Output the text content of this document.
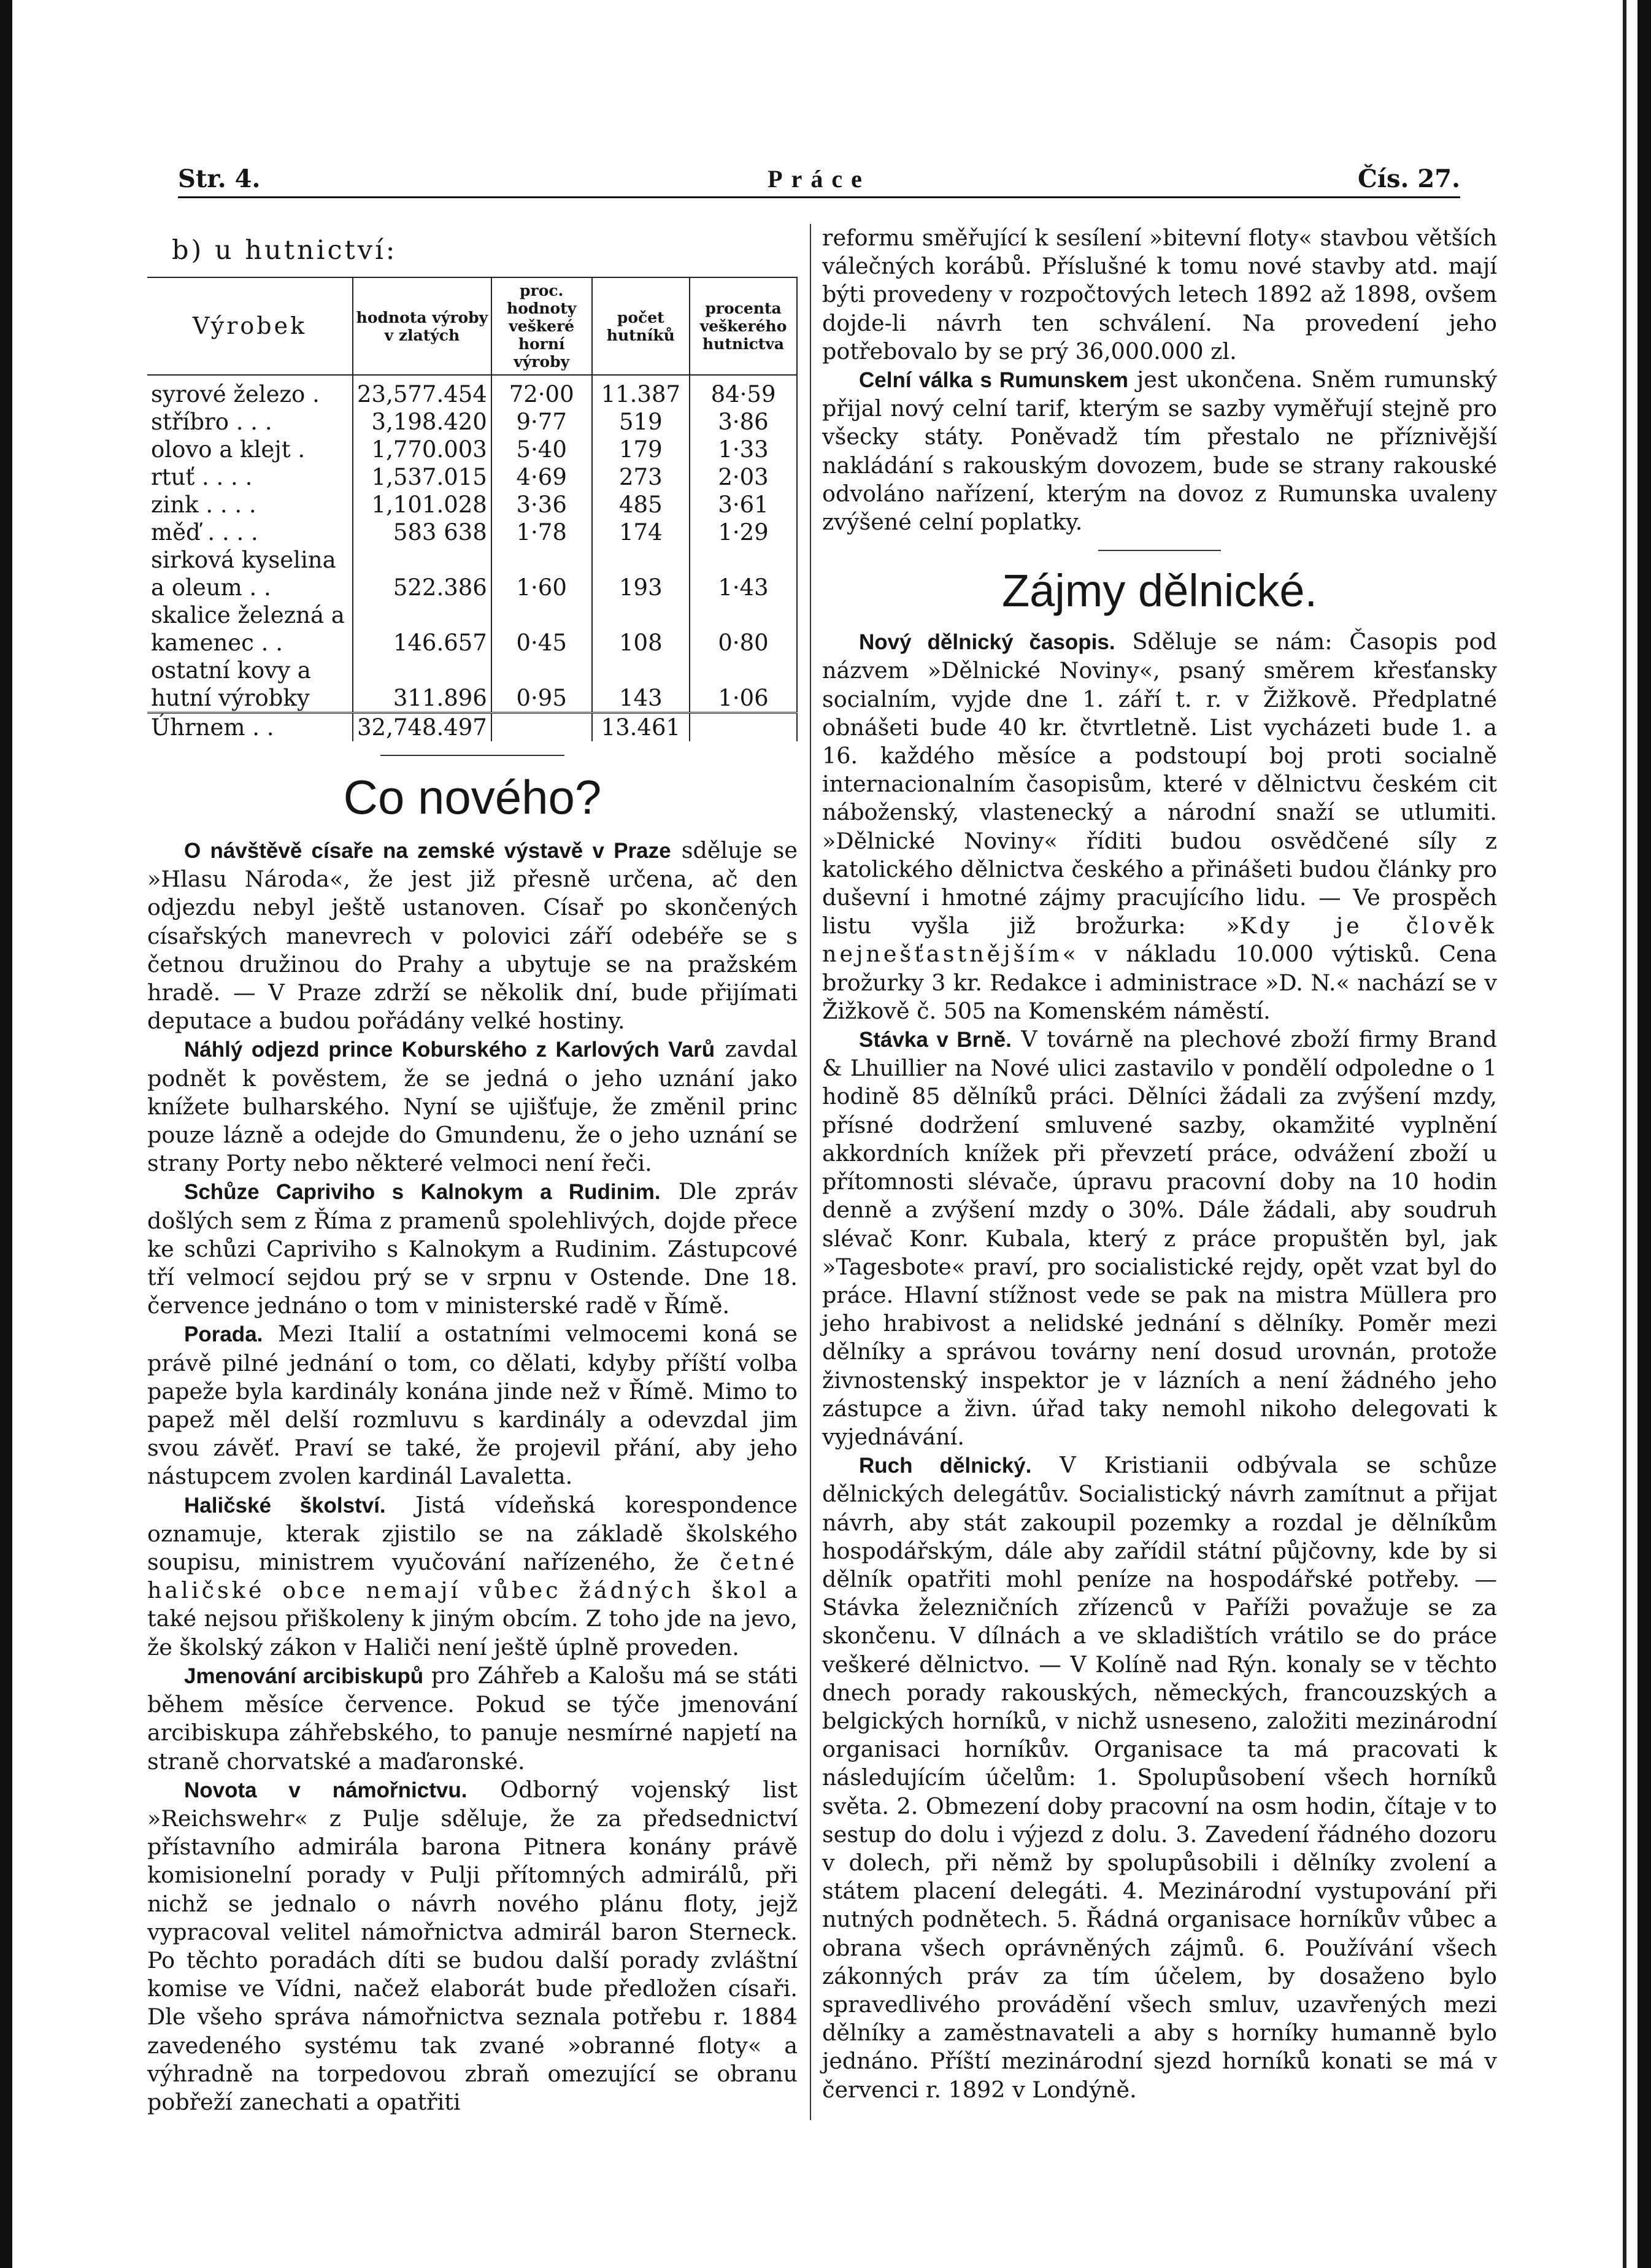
Práce
Str. 4.	Čís. 27.
b) u hutnictví:
Výrobek	hodnota výroby v zlatých	proc. hodnoty veškeré horní výroby	počet hutníků	procenta veškerého hutnictva
syrové železo .	23,577.454	72·00	11.387	84·59
stříbro . . .	3,198.420	9·77	519	3·86
olovo a klejt .	1,770.003	5·40	179	1·33
rtuť . . . .	1,537.015	4·69	273	2·03
zink . . . .	1,101.028	3·36	485	3·61
měď . . . .	583 638	1·78	174	1·29
sirková kyselina				
a oleum . .	522.386	1·60	193	1·43
skalice železná a				
kamenec . .	146.657	0·45	108	0·80
ostatní kovy a				
hutní výrobky	311.896	0·95	143	1·06
Úhrnem . .	32,748.497		13.461	
Co nového?

O návštěvě císaře na zemské výstavě v Praze sděluje se »Hlasu Národa«, že jest již přesně určena, ač den odjezdu nebyl ještě ustanoven. Císař po skončených císařských manevrech v polovici září odebéře se s četnou družinou do Prahy a ubytuje se na pražském hradě. — V Praze zdrží se několik dní, bude přijímati deputace a budou pořádány velké hostiny.

Náhlý odjezd prince Koburského z Karlových Varů zavdal podnět k pověstem, že se jedná o jeho uznání jako knížete bulharského. Nyní se ujišťuje, že změnil princ pouze lázně a odejde do Gmundenu, že o jeho uznání se strany Porty nebo některé velmoci není řeči.

Schůze Capriviho s Kalnokym a Rudinim. Dle zpráv došlých sem z Říma z pramenů spolehlivých, dojde přece ke schůzi Capriviho s Kalnokym a Rudinim. Zástupcové tří velmocí sejdou prý se v srpnu v Ostende. Dne 18. července jednáno o tom v ministerské radě v Římě.

Porada. Mezi Italií a ostatními velmocemi koná se právě pilné jednání o tom, co dělati, kdyby příští volba papeže byla kardinály konána jinde než v Římě. Mimo to papež měl delší rozmluvu s kardinály a odevzdal jim svou závěť. Praví se také, že projevil přání, aby jeho nástupcem zvolen kardinál Lavaletta.

Haličské školství. Jistá vídeňská korespondence oznamuje, kterak zjistilo se na základě školského soupisu, ministrem vyučování nařízeného, že četné haličské obce nemají vůbec žádných škol a také nejsou přiškoleny k jiným obcím. Z toho jde na jevo, že školský zákon v Haliči není ještě úplně proveden.

Jmenování arcibiskupů pro Záhřeb a Kalošu má se státi během měsíce července. Pokud se týče jmenování arcibiskupa záhřebského, to panuje nesmírné napjetí na straně chorvatské a maďaronské.

Novota v námořnictvu. Odborný vojenský list »Reichswehr« z Pulje sděluje, že za předsednictví přístavního admirála barona Pitnera konány právě komisionelní porady v Pulji přítomných admirálů, při nichž se jednalo o návrh nového plánu floty, jejž vypracoval velitel námořnictva admirál baron Sterneck. Po těchto poradách díti se budou další porady zvláštní komise ve Vídni, načež elaborát bude předložen císaři. Dle všeho správa námořnictva seznala potřebu r. 1884 zavedeného systému tak zvané »obranné floty« a výhradně na torpedovou zbraň omezující se obranu pobřeží zanechati a opatřiti

reformu směřující k sesílení »bitevní floty« stavbou větších válečných korábů. Příslušné k tomu nové stavby atd. mají býti provedeny v rozpočtových letech 1892 až 1898, ovšem dojde-li návrh ten schválení. Na provedení jeho potřebovalo by se prý 36,000.000 zl.

Celní válka s Rumunskem jest ukončena. Sněm rumunský přijal nový celní tarif, kterým se sazby vyměřují stejně pro všecky státy. Poněvadž tím přestalo ne příznivější nakládání s rakouským dovozem, bude se strany rakouské odvoláno nařízení, kterým na dovoz z Rumunska uvaleny zvýšené celní poplatky.

Zájmy dělnické.

Nový dělnický časopis. Sděluje se nám: Časopis pod názvem »Dělnické Noviny«, psaný směrem křesťansky socialním, vyjde dne 1. září t. r. v Žižkově. Předplatné obnášeti bude 40 kr. čtvrtletně. List vycházeti bude 1. a 16. každého měsíce a podstoupí boj proti socialně internacionalním časopisům, které v dělnictvu českém cit náboženský, vlastenecký a národní snaží se utlumiti. »Dělnické Noviny« říditi budou osvědčené síly z katolického dělnictva českého a přinášeti budou články pro duševní i hmotné zájmy pracujícího lidu. — Ve prospěch listu vyšla již brožurka: »Kdy je člověk nejnešťastnějším« v nákladu 10.000 výtisků. Cena brožurky 3 kr. Redakce i administrace »D. N.« nachází se v Žižkově č. 505 na Komenském náměstí.

Stávka v Brně. V továrně na plechové zboží firmy Brand & Lhuillier na Nové ulici zastavilo v pondělí odpoledne o 1 hodině 85 dělníků práci. Dělníci žádali za zvýšení mzdy, přísné dodržení smluvené sazby, okamžité vyplnění akkordních knížek při převzetí práce, odvážení zboží u přítomnosti slévače, úpravu pracovní doby na 10 hodin denně a zvýšení mzdy o 30%. Dále žádali, aby soudruh slévač Konr. Kubala, který z práce propuštěn byl, jak »Tagesbote« praví, pro socialistické rejdy, opět vzat byl do práce. Hlavní stížnost vede se pak na mistra Müllera pro jeho hrabivost a nelidské jednání s dělníky. Poměr mezi dělníky a správou továrny není dosud urovnán, protože živnostenský inspektor je v lázních a není žádného jeho zástupce a živn. úřad taky nemohl nikoho delegovati k vyjednávání.

Ruch dělnický. V Kristianii odbývala se schůze dělnických delegátův. Socialistický návrh zamítnut a přijat návrh, aby stát zakoupil pozemky a rozdal je dělníkům hospodářským, dále aby zařídil státní půjčovny, kde by si dělník opatřiti mohl peníze na hospodářské potřeby. — Stávka železničních zřízenců v Paříži považuje se za skončenu. V dílnách a ve skladištích vrátilo se do práce veškeré dělnictvo. — V Kolíně nad Rýn. konaly se v těchto dnech porady rakouských, německých, francouzských a belgických horníků, v nichž usneseno, založiti mezinárodní organisaci horníkův. Organisace ta má pracovati k následujícím účelům: 1. Spolupůsobení všech horníků světa. 2. Obmezení doby pracovní na osm hodin, čítaje v to sestup do dolu i výjezd z dolu. 3. Zavedení řádného dozoru v dolech, při němž by spolupůsobili i dělníky zvolení a státem placení delegáti. 4. Mezinárodní vystupování při nutných podnětech. 5. Řádná organisace horníkův vůbec a obrana všech oprávněných zájmů. 6. Používání všech zákonných práv za tím účelem, by dosaženo bylo spravedlivého provádění všech smluv, uzavřených mezi dělníky a zaměstnavateli a aby s horníky humanně bylo jednáno. Příští mezinárodní sjezd horníků konati se má v červenci r. 1892 v Londýně.
